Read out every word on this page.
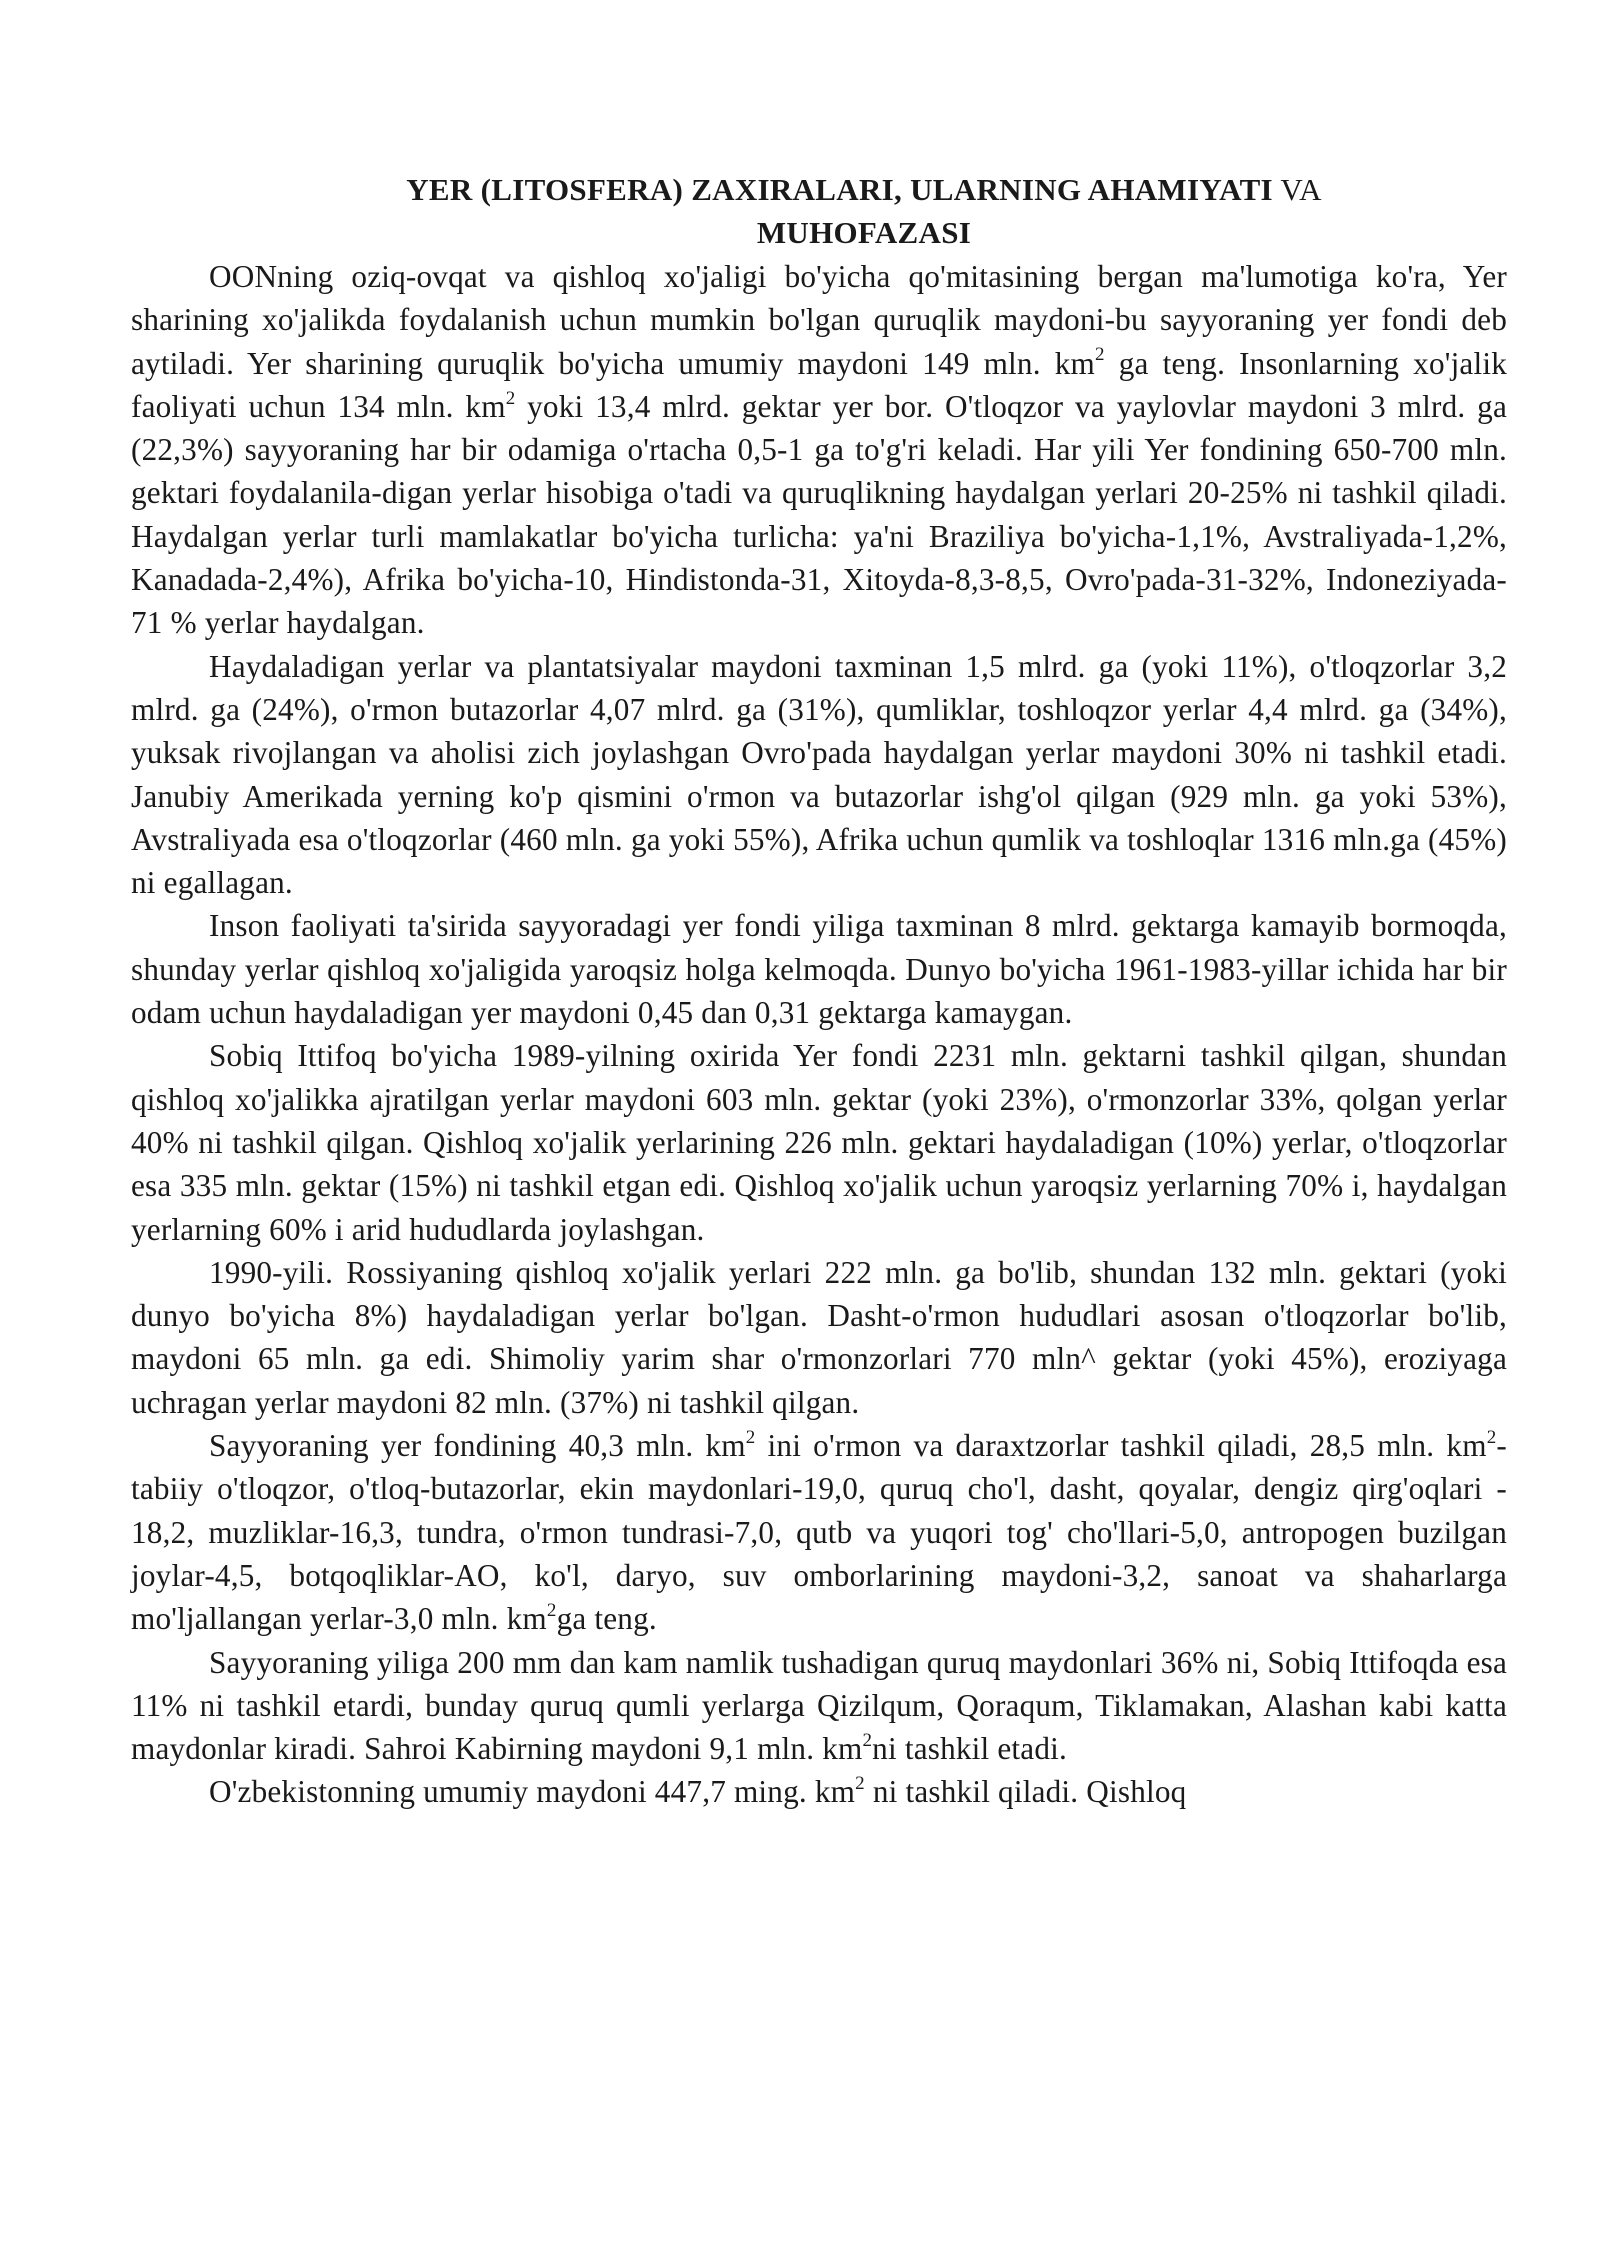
YER (LITOSFERA) ZAXIRALARI, ULARNING AHAMIYATI VA
MUHOFAZASI

OONning oziq-ovqat va qishloq xo'jaligi bo'yicha qo'mitasining bergan ma'lumotiga ko'ra, Yer sharining xo'jalikda foydalanish uchun mumkin bo'lgan quruqlik maydoni-bu sayyoraning yer fondi deb aytiladi. Yer sharining quruqlik bo'yicha umumiy maydoni 149 mln. $km^2$ ga teng. Insonlarning xo'jalik faoliyati uchun 134 mln. $km^2$ yoki 13,4 mlrd. gektar yer bor. O'tloqzor va yaylovlar maydoni 3 mlrd. ga (22,3%) sayyoraning har bir odamiga o'rtacha 0,5-1 ga to'g'ri keladi. Har yili Yer fondining 650-700 mln. gektari foydalanila-digan yerlar hisobiga o'tadi va quruqlikning haydalgan yerlari 20-25% ni tashkil qiladi. Haydalgan yerlar turli mamlakatlar bo'yicha turlicha: ya'ni Braziliya bo'yicha-1,1%, Avstraliyada-1,2%, Kanadada-2,4%), Afrika bo'yicha-10, Hindistonda-31, Xitoyda-8,3-8,5, Ovro'pada-31-32%, Indoneziyada-71 % yerlar haydalgan.

Haydaladigan yerlar va plantatsiyalar maydoni taxminan 1,5 mlrd. ga (yoki 11%), o'tloqzorlar 3,2 mlrd. ga (24%), o'rmon butazorlar 4,07 mlrd. ga (31%), qumliklar, toshloqzor yerlar 4,4 mlrd. ga (34%), yuksak rivojlangan va aholisi zich joylashgan Ovro'pada haydalgan yerlar maydoni 30% ni tashkil etadi. Janubiy Amerikada yerning ko'p qismini o'rmon va butazorlar ishg'ol qilgan (929 mln. ga yoki 53%), Avstraliyada esa o'tloqzorlar (460 mln. ga yoki 55%), Afrika uchun qumlik va toshloqlar 1316 mln.ga (45%) ni egallagan.

Inson faoliyati ta'sirida sayyoradagi yer fondi yiliga taxminan 8 mlrd. gektarga kamayib bormoqda, shunday yerlar qishloq xo'jaligida yaroqsiz holga kelmoqda. Dunyo bo'yicha 1961-1983-yillar ichida har bir odam uchun haydaladigan yer maydoni 0,45 dan 0,31 gektarga kamaygan.

Sobiq Ittifoq bo'yicha 1989-yilning oxirida Yer fondi 2231 mln. gektarni tashkil qilgan, shundan qishloq xo'jalikka ajratilgan yerlar maydoni 603 mln. gektar (yoki 23%), o'rmonzorlar 33%, qolgan yerlar 40% ni tashkil qilgan. Qishloq xo'jalik yerlarining 226 mln. gektari haydaladigan (10%) yerlar, o'tloqzorlar esa 335 mln. gektar (15%) ni tashkil etgan edi. Qishloq xo'jalik uchun yaroqsiz yerlarning 70% i, haydalgan yerlarning 60% i arid hududlarda joylashgan.

1990-yili. Rossiyaning qishloq xo'jalik yerlari 222 mln. ga bo'lib, shundan 132 mln. gektari (yoki dunyo bo'yicha 8%) haydaladigan yerlar bo'lgan. Dasht-o'rmon hududlari asosan o'tloqzorlar bo'lib, maydoni 65 mln. ga edi. Shimoliy yarim shar o'rmonzorlari 770 mln^ gektar (yoki 45%), eroziyaga uchragan yerlar maydoni 82 mln. (37%) ni tashkil qilgan.

Sayyoraning yer fondining 40,3 mln. $km^2$ ini o'rmon va daraxtzorlar tashkil qiladi, 28,5 mln. $km^2$-tabiiy o'tloqzor, o'tloq-butazorlar, ekin maydonlari-19,0, quruq cho'l, dasht, qoyalar, dengiz qirg'oqlari - 18,2, muzliklar-16,3, tundra, o'rmon tundrasi-7,0, qutb va yuqori tog' cho'llari-5,0, antropogen buzilgan joylar-4,5, botqoqliklar-AO, ko'l, daryo, suv omborlarining maydoni-3,2, sanoat va shaharlarga mo'ljallangan yerlar-3,0 mln. $km^2ga$ teng.

Sayyoraning yiliga 200 mm dan kam namlik tushadigan quruq maydonlari 36% ni, Sobiq Ittifoqda esa 11% ni tashkil etardi, bunday quruq qumli yerlarga Qizilqum, Qoraqum, Tiklamakan, Alashan kabi katta maydonlar kiradi. Sahroi Kabirning maydoni 9,1 mln. $km^2ni$ tashkil etadi.

O'zbekistonning umumiy maydoni 447,7 ming. $km^2$ ni tashkil qiladi. Qishloq
